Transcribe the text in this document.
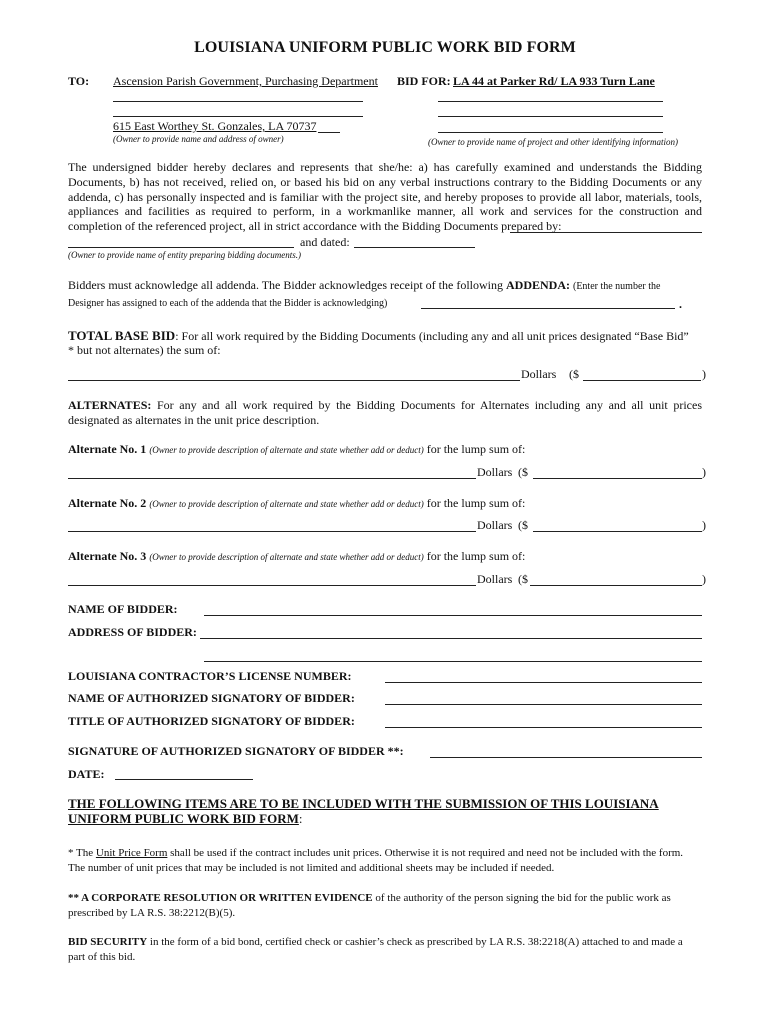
LOUISIANA UNIFORM PUBLIC WORK BID FORM
TO: Ascension Parish Government, Purchasing Department
615 East Worthey St. Gonzales, LA 70737
(Owner to provide name and address of owner)
BID FOR: LA 44 at Parker Rd/ LA 933 Turn Lane
(Owner to provide name of project and other identifying information)
The undersigned bidder hereby declares and represents that she/he: a) has carefully examined and understands the Bidding Documents, b) has not received, relied on, or based his bid on any verbal instructions contrary to the Bidding Documents or any addenda, c) has personally inspected and is familiar with the project site, and hereby proposes to provide all labor, materials, tools, appliances and facilities as required to perform, in a workmanlike manner, all work and services for the construction and completion of the referenced project, all in strict accordance with the Bidding Documents prepared by:
and dated:
(Owner to provide name of entity preparing bidding documents.)
Bidders must acknowledge all addenda. The Bidder acknowledges receipt of the following ADDENDA: (Enter the number the
Designer has assigned to each of the addenda that the Bidder is acknowledging)	.
TOTAL BASE BID: For all work required by the Bidding Documents (including any and all unit prices designated “Base Bid”
* but not alternates) the sum of:
Dollars ($	)
ALTERNATES: For any and all work required by the Bidding Documents for Alternates including any and all unit prices designated as alternates in the unit price description.
Alternate No. 1 (Owner to provide description of alternate and state whether add or deduct) for the lump sum of:
Dollars ($	)
Alternate No. 2 (Owner to provide description of alternate and state whether add or deduct) for the lump sum of:
Dollars ($	)
Alternate No. 3 (Owner to provide description of alternate and state whether add or deduct) for the lump sum of:
Dollars ($	)
NAME OF BIDDER:
ADDRESS OF BIDDER:
LOUISIANA CONTRACTOR’S LICENSE NUMBER:
NAME OF AUTHORIZED SIGNATORY OF BIDDER:
TITLE OF AUTHORIZED SIGNATORY OF BIDDER:
SIGNATURE OF AUTHORIZED SIGNATORY OF BIDDER **:
DATE:
THE FOLLOWING ITEMS ARE TO BE INCLUDED WITH THE SUBMISSION OF THIS LOUISIANA
UNIFORM PUBLIC WORK BID FORM:
* The Unit Price Form shall be used if the contract includes unit prices. Otherwise it is not required and need not be included with the form. The number of unit prices that may be included is not limited and additional sheets may be included if needed.
** A CORPORATE RESOLUTION OR WRITTEN EVIDENCE of the authority of the person signing the bid for the public work as prescribed by LA R.S. 38:2212(B)(5).
BID SECURITY in the form of a bid bond, certified check or cashier’s check as prescribed by LA R.S. 38:2218(A) attached to and made a part of this bid.
